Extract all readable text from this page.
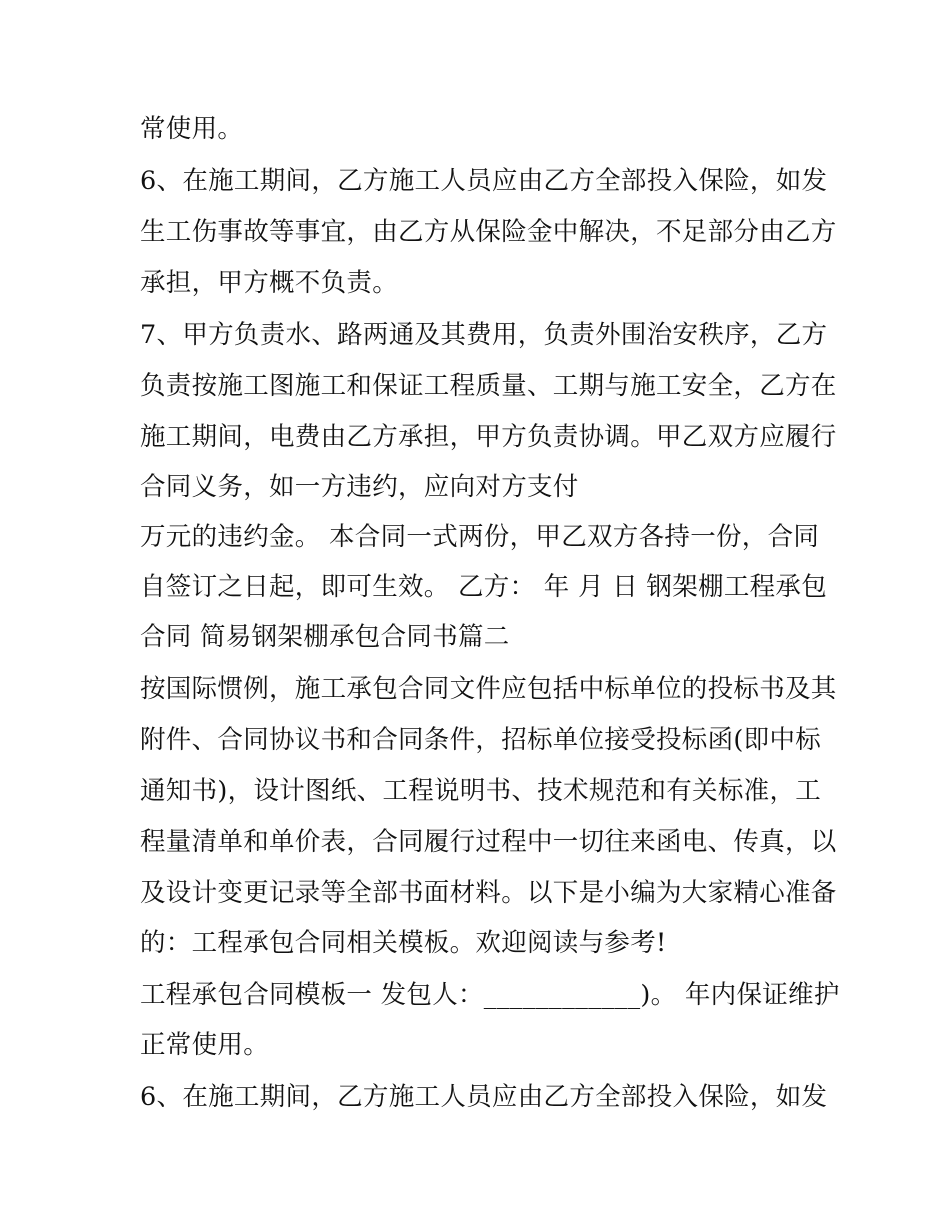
常使用。
6、在施工期间，乙方施工人员应由乙方全部投入保险，如发
生工伤事故等事宜，由乙方从保险金中解决，不足部分由乙方
承担，甲方概不负责。
7、甲方负责水、路两通及其费用，负责外围治安秩序，乙方
负责按施工图施工和保证工程质量、工期与施工安全，乙方在
施工期间，电费由乙方承担，甲方负责协调。甲乙双方应履行
合同义务，如一方违约，应向对方支付
万元的违约金。 本合同一式两份，甲乙双方各持一份，合同
自签订之日起，即可生效。 乙方： 年 月 日 钢架棚工程承包
合同 简易钢架棚承包合同书篇二
按国际惯例，施工承包合同文件应包括中标单位的投标书及其
附件、合同协议书和合同条件，招标单位接受投标函(即中标
通知书)，设计图纸、工程说明书、技术规范和有关标准，工
程量清单和单价表，合同履行过程中一切往来函电、传真，以
及设计变更记录等全部书面材料。以下是小编为大家精心准备
的：工程承包合同相关模板。欢迎阅读与参考!
工程承包合同模板一 发包人：____________)。 年内保证维护
正常使用。
6、在施工期间，乙方施工人员应由乙方全部投入保险，如发
